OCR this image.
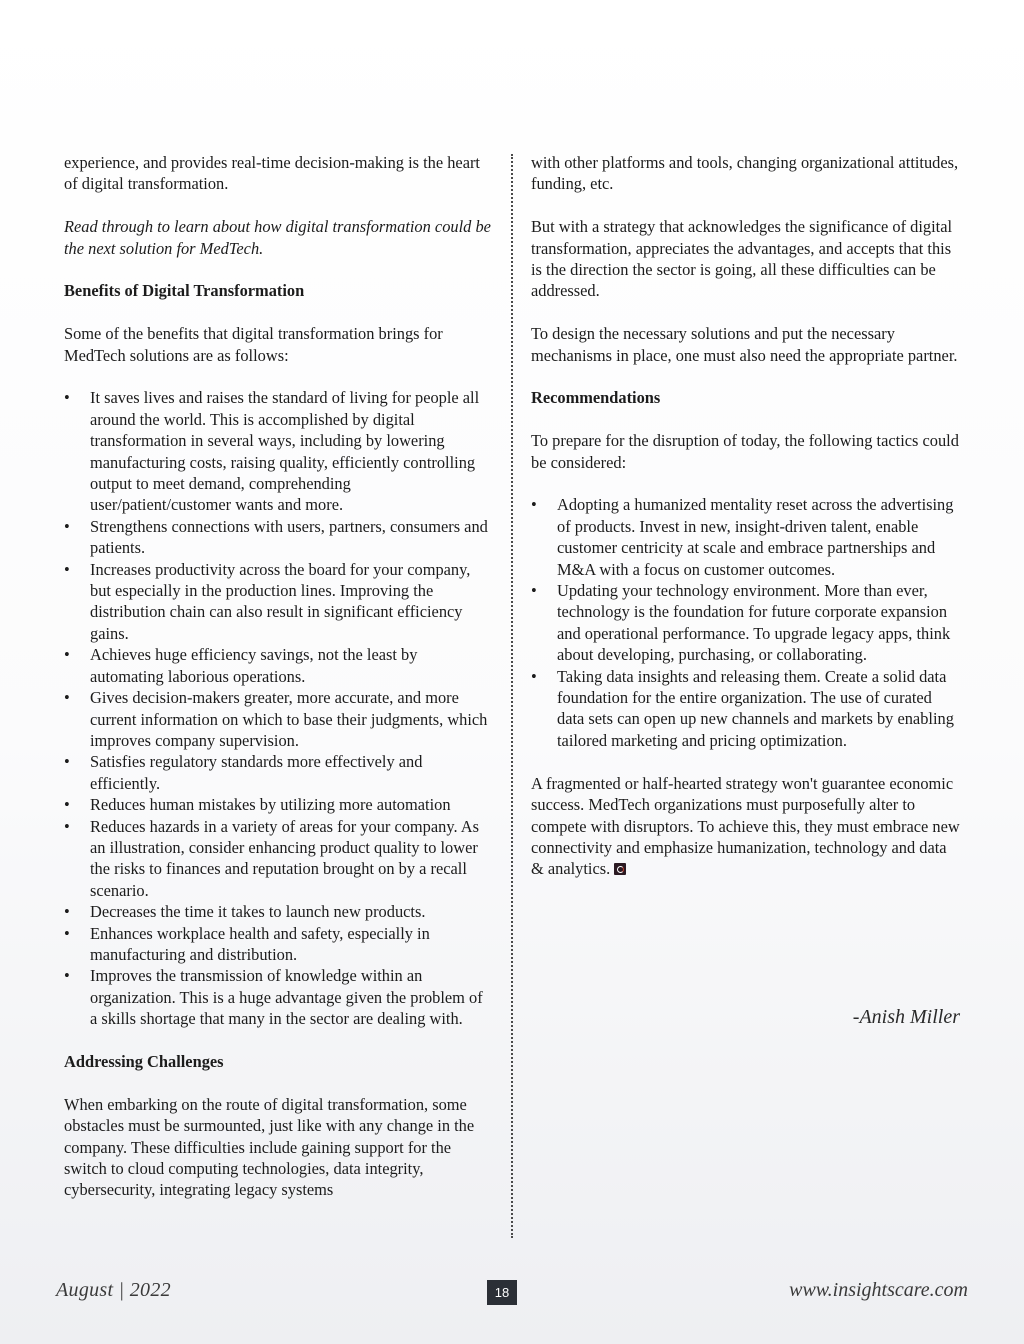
experience, and provides real-time decision-making is the heart of digital transformation.

Read through to learn about how digital transformation could be the next solution for MedTech.

Benefits of Digital Transformation

Some of the benefits that digital transformation brings for MedTech solutions are as follows:

• It saves lives and raises the standard of living for people all around the world. This is accomplished by digital transformation in several ways, including by lowering manufacturing costs, raising quality, efficiently controlling output to meet demand, comprehending user/patient/customer wants and more.
• Strengthens connections with users, partners, consumers and patients.
• Increases productivity across the board for your company, but especially in the production lines. Improving the distribution chain can also result in significant efficiency gains.
• Achieves huge efficiency savings, not the least by automating laborious operations.
• Gives decision-makers greater, more accurate, and more current information on which to base their judgments, which improves company supervision.
• Satisfies regulatory standards more effectively and efficiently.
• Reduces human mistakes by utilizing more automation
• Reduces hazards in a variety of areas for your company. As an illustration, consider enhancing product quality to lower the risks to finances and reputation brought on by a recall scenario.
• Decreases the time it takes to launch new products.
• Enhances workplace health and safety, especially in manufacturing and distribution.
• Improves the transmission of knowledge within an organization. This is a huge advantage given the problem of a skills shortage that many in the sector are dealing with.
Addressing Challenges

When embarking on the route of digital transformation, some obstacles must be surmounted, just like with any change in the company. These difficulties include gaining support for the switch to cloud computing technologies, data integrity, cybersecurity, integrating legacy systems

with other platforms and tools, changing organizational attitudes, funding, etc.

But with a strategy that acknowledges the significance of digital transformation, appreciates the advantages, and accepts that this is the direction the sector is going, all these difficulties can be addressed.

To design the necessary solutions and put the necessary mechanisms in place, one must also need the appropriate partner.

Recommendations

To prepare for the disruption of today, the following tactics could be considered:

• Adopting a humanized mentality reset across the advertising of products. Invest in new, insight-driven talent, enable customer centricity at scale and embrace partnerships and M&A with a focus on customer outcomes.
• Updating your technology environment. More than ever, technology is the foundation for future corporate expansion and operational performance. To upgrade legacy apps, think about developing, purchasing, or collaborating.
• Taking data insights and releasing them. Create a solid data foundation for the entire organization. The use of curated data sets can open up new channels and markets by enabling tailored marketing and pricing optimization.

A fragmented or half-hearted strategy won't guarantee economic success. MedTech organizations must purposefully alter to compete with disruptors. To achieve this, they must embrace new connectivity and emphasize humanization, technology and data & analytics.

-Anish Miller
August | 2022	18	www.insightscare.com
